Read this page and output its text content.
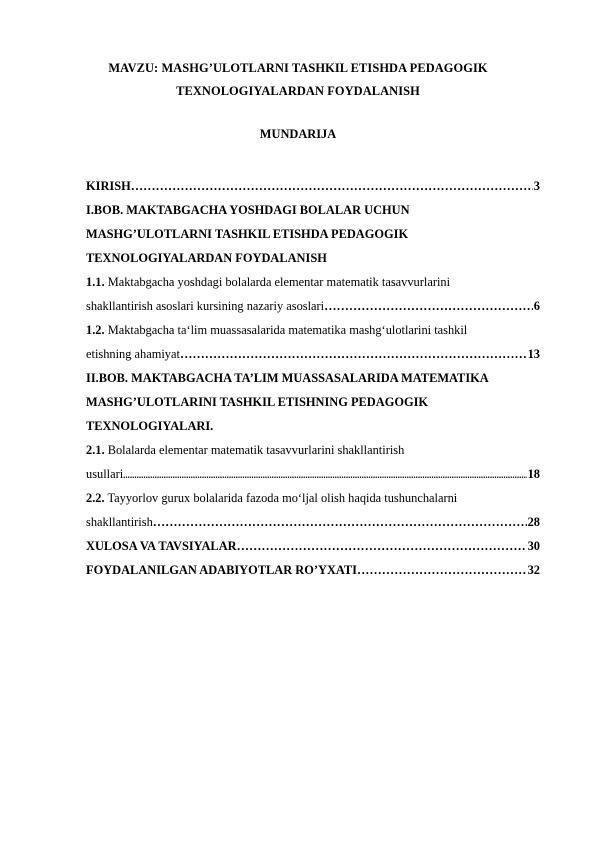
MAVZU: MASHG’ULOTLARNI TASHKIL ETISHDA PEDAGOGIK
TEXNOLOGIYALARDAN FOYDALANISH
MUNDARIJA
KIRISH …………………………………………………………………………………………………………………………………………………………………………………………………………………………	3
I.BOB. MAKTABGACHA YOSHDAGI BOLALAR UCHUN
MASHG’ULOTLARNI TASHKIL ETISHDA PEDAGOGIK
TEXNOLOGIYALARDAN FOYDALANISH
1.1. Maktabgacha yoshdagi bolalarda elementar matematik tasavvurlarini
shakllantirish asoslari kursining nazariy asoslari …………………………………………………………………………………………………………………………………………………………………………………………………………………………	6
1.2. Maktabgacha ta‘lim muassasalarida matematika mashg‘ulotlarini tashkil
etishning ahamiyat …………………………………………………………………………………………………………………………………………………………………………………………………………………………	13
II.BOB. MAKTABGACHA TA’LIM MUASSASALARIDA MATEMATIKA
MASHG’ULOTLARINI TASHKIL ETISHNING PEDAGOGIK
TEXNOLOGIYALARI.
2.1. Bolalarda elementar matematik tasavvurlarini shakllantirish
usullari .....	18
2.2. Tayyorlov gurux bolalarida fazoda mo‘ljal olish haqida tushunchalarni
shakllantirish …………………………………………………………………………………………………………………………………………………………………………………………………………………………	28
XULOSA VA TAVSIYALAR …………………………………………………………………………………………………………………………………………………………………………………………………………………………	30
FOYDALANILGAN ADABIYOTLAR RO’YXATI …………………………………………………………………………………………………………………………………………………………………………………………………………………………	32
